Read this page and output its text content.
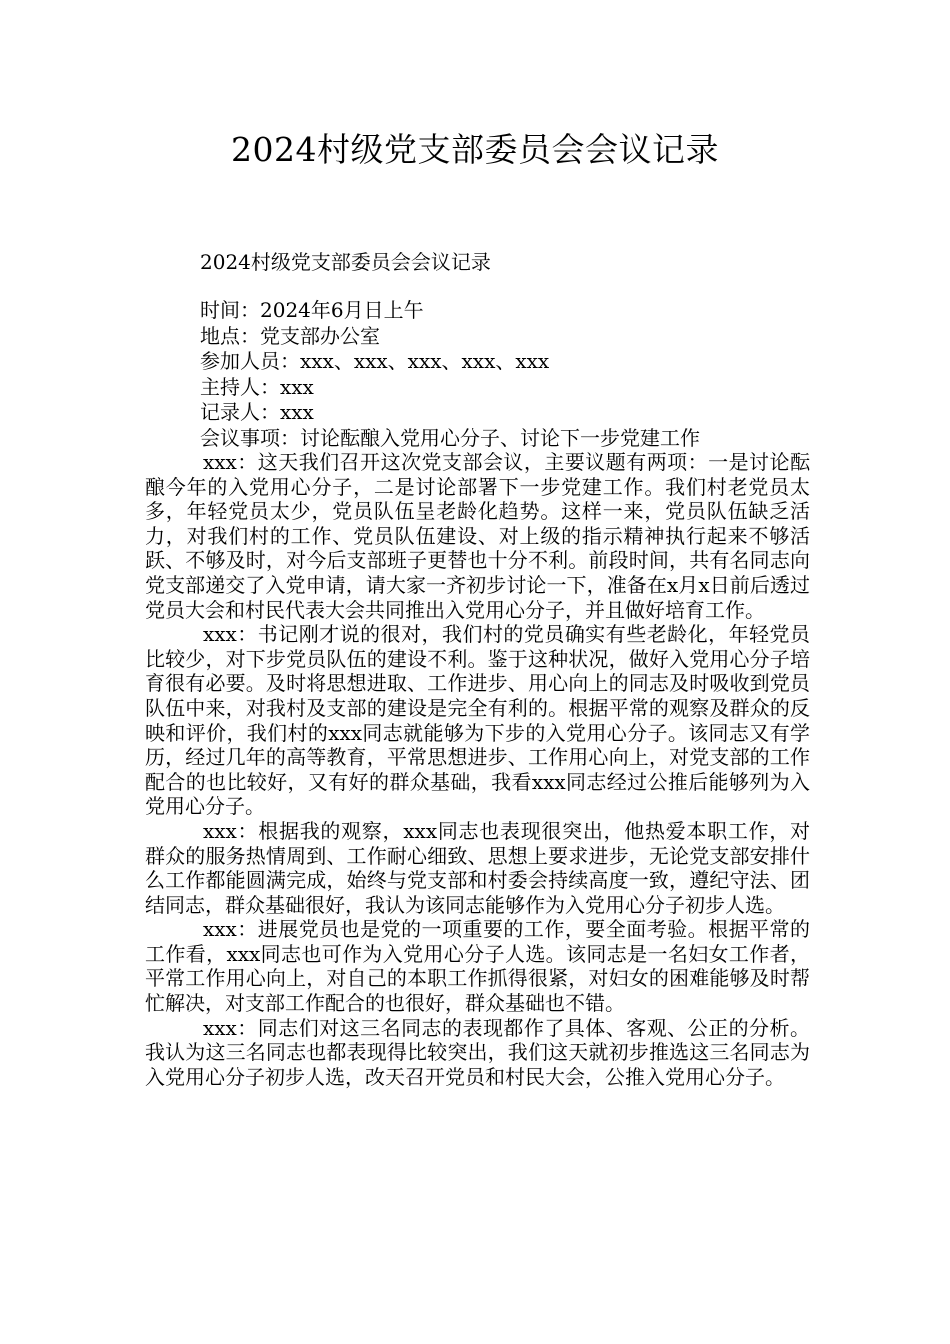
2024村级党支部委员会会议记录

2024村级党支部委员会会议记录

时间：2024年6月日上午
地点：党支部办公室
参加人员：xxx、xxx、xxx、xxx、xxx
主持人：xxx
记录人：xxx
会议事项：讨论酝酿入党用心分子、讨论下一步党建工作

xxx：这天我们召开这次党支部会议，主要议题有两项：一是讨论酝酿今年的入党用心分子，二是讨论部署下一步党建工作。我们村老党员太多，年轻党员太少，党员队伍呈老龄化趋势。这样一来，党员队伍缺乏活力，对我们村的工作、党员队伍建设、对上级的指示精神执行起来不够活跃、不够及时，对今后支部班子更替也十分不利。前段时间，共有名同志向党支部递交了入党申请，请大家一齐初步讨论一下，准备在x月x日前后透过党员大会和村民代表大会共同推出入党用心分子，并且做好培育工作。

xxx：书记刚才说的很对，我们村的党员确实有些老龄化，年轻党员比较少，对下步党员队伍的建设不利。鉴于这种状况，做好入党用心分子培育很有必要。及时将思想进取、工作进步、用心向上的同志及时吸收到党员队伍中来，对我村及支部的建设是完全有利的。根据平常的观察及群众的反映和评价，我们村的xxx同志就能够为下步的入党用心分子。该同志又有学历，经过几年的高等教育，平常思想进步、工作用心向上，对党支部的工作配合的也比较好，又有好的群众基础，我看xxx同志经过公推后能够列为入党用心分子。

xxx：根据我的观察，xxx同志也表现很突出，他热爱本职工作，对群众的服务热情周到、工作耐心细致、思想上要求进步，无论党支部安排什么工作都能圆满完成，始终与党支部和村委会持续高度一致，遵纪守法、团结同志，群众基础很好，我认为该同志能够作为入党用心分子初步人选。

xxx：进展党员也是党的一项重要的工作，要全面考验。根据平常的工作看，xxx同志也可作为入党用心分子人选。该同志是一名妇女工作者，平常工作用心向上，对自己的本职工作抓得很紧，对妇女的困难能够及时帮忙解决，对支部工作配合的也很好，群众基础也不错。

xxx：同志们对这三名同志的表现都作了具体、客观、公正的分析。我认为这三名同志也都表现得比较突出，我们这天就初步推选这三名同志为入党用心分子初步人选，改天召开党员和村民大会，公推入党用心分子。
